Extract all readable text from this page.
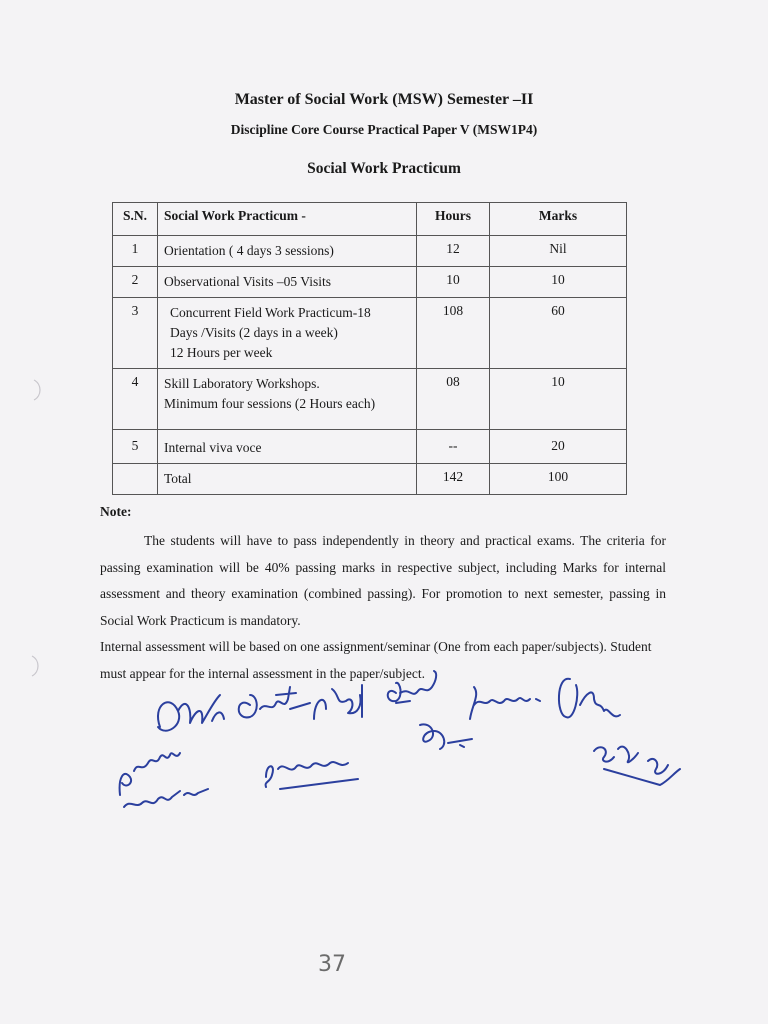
Master of Social Work (MSW) Semester –II
Discipline Core Course Practical Paper V (MSW1P4)
Social Work Practicum
S.N.	Social Work Practicum -	Hours	Marks
1	Orientation ( 4 days 3 sessions)	12	Nil
2	Observational Visits –05 Visits	10	10
3	Concurrent Field Work Practicum-18
Days /Visits (2 days in a week)
12 Hours per week	108	60
4	Skill Laboratory Workshops.
Minimum four sessions (2 Hours each)	08	10
5	Internal viva voce	--	20

	Total	142	100
Note:

The students will have to pass independently in theory and practical exams. The criteria for passing examination will be 40% passing marks in respective subject, including Marks for internal assessment and theory examination (combined passing). For promotion to next semester, passing in Social Work Practicum is mandatory.

Internal assessment will be based on one assignment/seminar (One from each paper/subjects). Student must appear for the internal assessment in the paper/subject.

37
